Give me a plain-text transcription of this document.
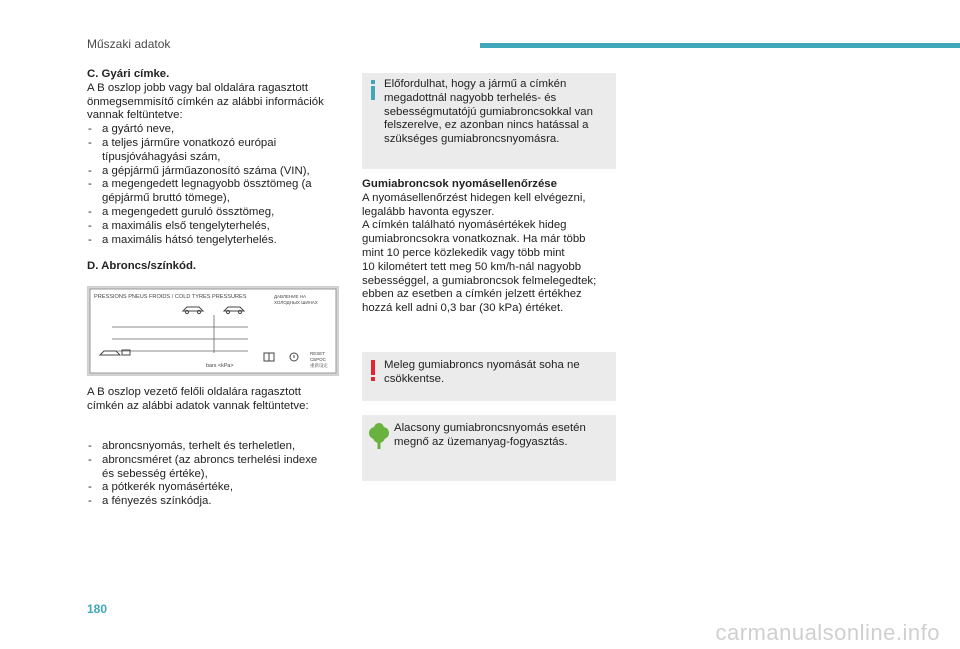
Műszaki adatok
C. Gyári címke.
A B oszlop jobb vagy bal oldalára ragasztott
önmegsemmisítő címkén az alábbi információk
vannak feltüntetve:
- a gyártó neve,
- a teljes járműre vonatkozó európai
típusjóváhagyási szám,
- a gépjármű járműazonosító száma (VIN),
- a megengedett legnagyobb össztömeg (a
gépjármű bruttó tömege),
- a megengedett guruló össztömeg,
- a maximális első tengelyterhelés,
- a maximális hátsó tengelyterhelés.
D. Abroncs/színkód.
PRESSIONS PNEUS FROIDS / COLD TYRES PRESSURES	ДАВЛЕНИЕ НА
ХОЛОДНЫХ ШИНАХ
bars <kPa>
RESET
СБРОС
重新设定
A B oszlop vezető felőli oldalára ragasztott
címkén az alábbi adatok vannak feltüntetve:
- abroncsnyomás, terhelt és terheletlen,
- abroncsméret (az abroncs terhelési indexe
és sebesség értéke),
- a pótkerék nyomásértéke,
- a fényezés színkódja.
Előfordulhat, hogy a jármű a címkén
megadottnál nagyobb terhelés- és
sebességmutatójú gumiabroncsokkal van
felszerelve, ez azonban nincs hatással a
szükséges gumiabroncsnyomásra.
Gumiabroncsok nyomásellenőrzése
A nyomásellenőrzést hidegen kell elvégezni,
legalább havonta egyszer.
A címkén található nyomásértékek hideg
gumiabroncsokra vonatkoznak. Ha már több
mint 10 perce közlekedik vagy több mint
10 kilométert tett meg 50 km/h-nál nagyobb
sebességgel, a gumiabroncsok felmelegedtek;
ebben az esetben a címkén jelzett értékhez
hozzá kell adni 0,3 bar (30 kPa) értéket.
Meleg gumiabroncs nyomását soha ne
csökkentse.
Alacsony gumiabroncsnyomás esetén
megnő az üzemanyag-fogyasztás.
180
carmanualsonline.info
